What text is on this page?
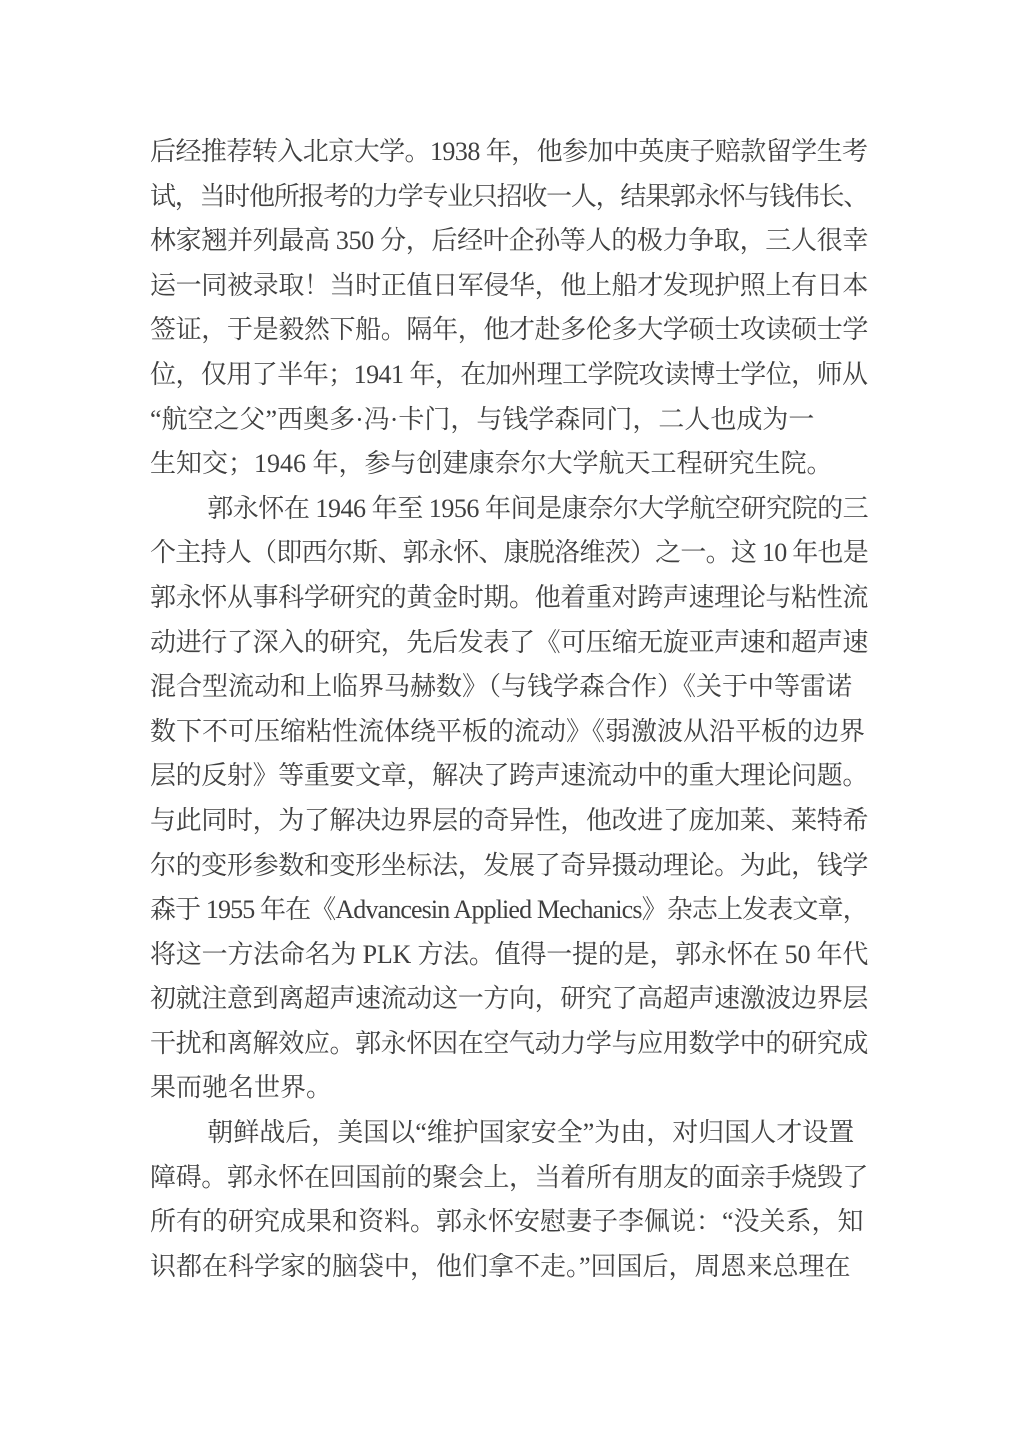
后经推荐转入北京大学。1938 年，他参加中英庚子赔款留学生考
试，当时他所报考的力学专业只招收一人，结果郭永怀与钱伟长、
林家翘并列最高 350 分，后经叶企孙等人的极力争取，三人很幸
运一同被录取！当时正值日军侵华，他上船才发现护照上有日本
签证，于是毅然下船。隔年，他才赴多伦多大学硕士攻读硕士学
位，仅用了半年；1941 年，在加州理工学院攻读博士学位，师从
“航空之父”西奥多·冯·卡门，与钱学森同门，二人也成为一
生知交；1946 年，参与创建康奈尔大学航天工程研究生院。
郭永怀在 1946 年至 1956 年间是康奈尔大学航空研究院的三
个主持人（即西尔斯、郭永怀、康脱洛维茨）之一。这 10 年也是
郭永怀从事科学研究的黄金时期。他着重对跨声速理论与粘性流
动进行了深入的研究，先后发表了《可压缩无旋亚声速和超声速
混合型流动和上临界马赫数》（与钱学森合作）《关于中等雷诺
数下不可压缩粘性流体绕平板的流动》《弱激波从沿平板的边界
层的反射》等重要文章，解决了跨声速流动中的重大理论问题。
与此同时，为了解决边界层的奇异性，他改进了庞加莱、莱特希
尔的变形参数和变形坐标法，发展了奇异摄动理论。为此，钱学
森于 1955 年在《Advancesin Applied Mechanics》杂志上发表文章，
将这一方法命名为 PLK 方法。值得一提的是，郭永怀在 50 年代
初就注意到离超声速流动这一方向，研究了高超声速激波边界层
干扰和离解效应。郭永怀因在空气动力学与应用数学中的研究成
果而驰名世界。
朝鲜战后，美国以“维护国家安全”为由，对归国人才设置
障碍。郭永怀在回国前的聚会上，当着所有朋友的面亲手烧毁了
所有的研究成果和资料。郭永怀安慰妻子李佩说：“没关系，知
识都在科学家的脑袋中，他们拿不走。”回国后，周恩来总理在
